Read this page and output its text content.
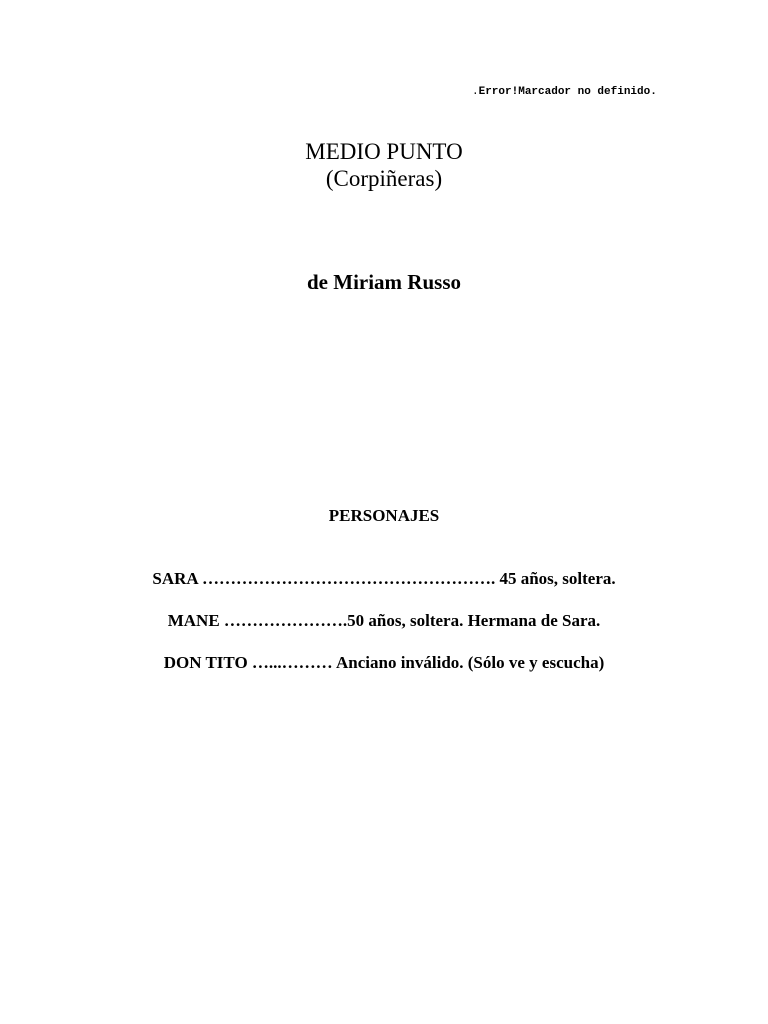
.Error!Marcador no definido.

MEDIO PUNTO

(Corpiñeras)

de Miriam Russo

PERSONAJES

SARA ……………………………………………. 45 años, soltera.
MANE ………………….50 años, soltera. Hermana de Sara.
DON TITO …...……… Anciano inválido. (Sólo ve y escucha)
